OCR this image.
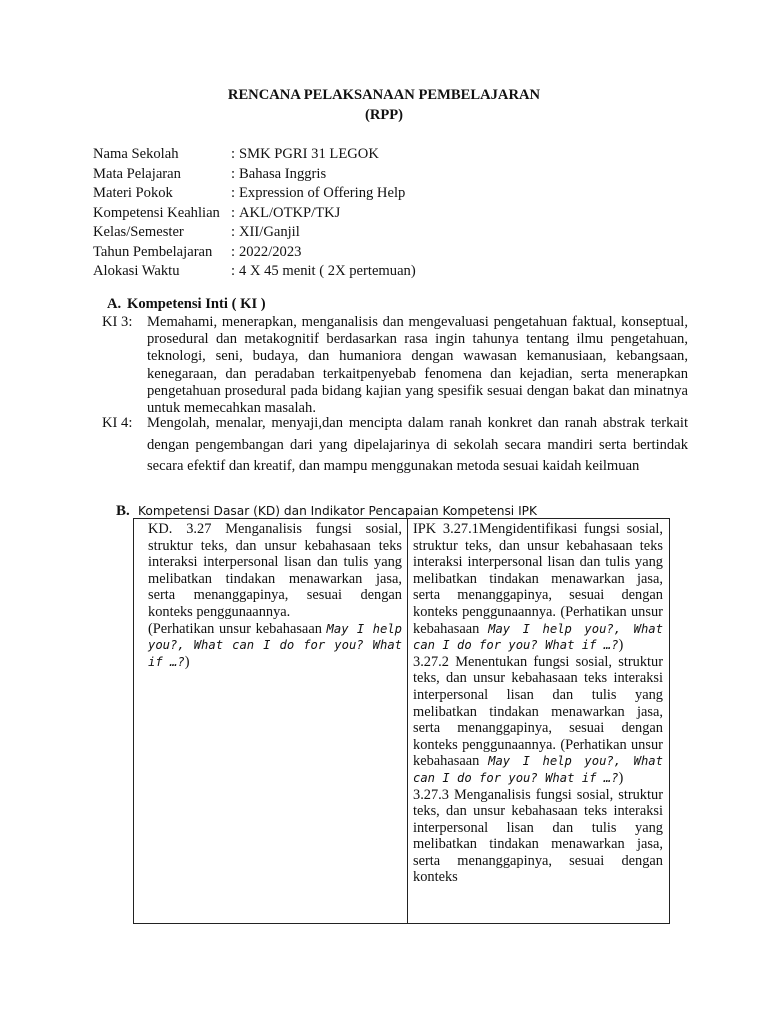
RENCANA PELAKSANAAN PEMBELAJARAN
(RPP)
Nama Sekolah	: SMK PGRI 31 LEGOK
Mata Pelajaran	: Bahasa Inggris
Materi Pokok	: Expression of Offering Help
Kompetensi Keahlian : AKL/OTKP/TKJ
Kelas/Semester	: XII/Ganjil
Tahun Pembelajaran	: 2022/2023
Alokasi Waktu	: 4 X 45 menit ( 2X pertemuan)
A. Kompetensi Inti ( KI )
KI 3: Memahami, menerapkan, menganalisis dan mengevaluasi pengetahuan faktual, konseptual, prosedural dan metakognitif berdasarkan rasa ingin tahunya tentang ilmu pengetahuan, teknologi, seni, budaya, dan humaniora dengan wawasan kemanusiaan, kebangsaan, kenegaraan, dan peradaban terkaitpenyebab fenomena dan kejadian, serta menerapkan pengetahuan prosedural pada bidang kajian yang spesifik sesuai dengan bakat dan minatnya untuk memecahkan masalah.
KI 4: Mengolah, menalar, menyaji,dan mencipta dalam ranah konkret dan ranah abstrak terkait dengan pengembangan dari yang dipelajarinya di sekolah secara mandiri serta bertindak secara efektif dan kreatif, dan mampu menggunakan metoda sesuai kaidah keilmuan
B. Kompetensi Dasar (KD) dan Indikator Pencapaian Kompetensi IPK
KD. 3.27 Menganalisis fungsi sosial, struktur teks, dan unsur kebahasaan teks interaksi interpersonal lisan dan tulis yang melibatkan tindakan menawarkan jasa, serta menanggapinya, sesuai dengan konteks penggunaannya.
(Perhatikan unsur kebahasaan May I help you?, What can I do for you? What if …?)
IPK 3.27.1Mengidentifikasi fungsi sosial, struktur teks, dan unsur kebahasaan teks interaksi interpersonal lisan dan tulis yang melibatkan tindakan menawarkan jasa, serta menanggapinya, sesuai dengan konteks penggunaannya. (Perhatikan unsur kebahasaan May I help you?, What can I do for you? What if …?)
3.27.2 Menentukan fungsi sosial, struktur teks, dan unsur kebahasaan teks interaksi interpersonal lisan dan tulis yang melibatkan tindakan menawarkan jasa, serta menanggapinya, sesuai dengan konteks penggunaannya. (Perhatikan unsur kebahasaan May I help you?, What can I do for you? What if …?)
3.27.3 Menganalisis fungsi sosial, struktur teks, dan unsur kebahasaan teks interaksi interpersonal lisan dan tulis yang melibatkan tindakan menawarkan jasa, serta menanggapinya, sesuai dengan konteks
